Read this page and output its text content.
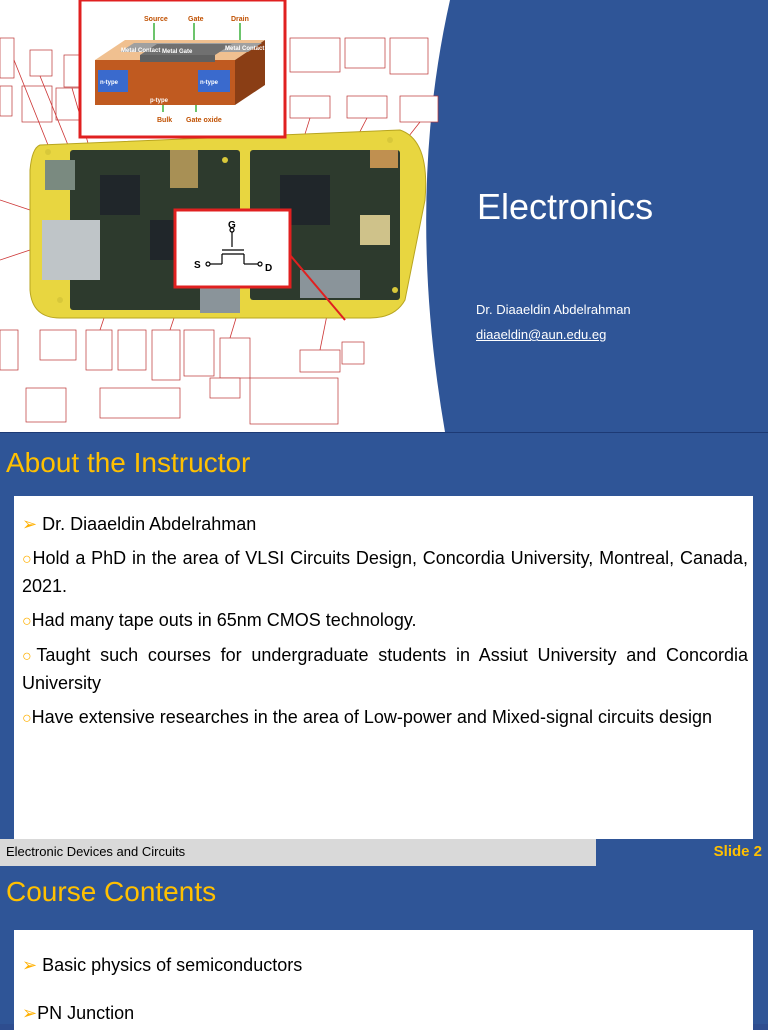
Source	Gate	Drain
Metal Contact Metal Gate	Metal Contact
n-type	n-type
p-type
Bulk Gate oxide
G
S	D
Electronics
Dr. Diaaeldin Abdelrahman
diaaeldin@aun.edu.eg
About the Instructor
➢ Dr. Diaaeldin Abdelrahman
○Hold a PhD in the area of VLSI Circuits Design, Concordia University, Montreal, Canada, 2021.
○Had many tape outs in 65nm CMOS technology.
○Taught such courses for undergraduate students in Assiut University and Concordia University
○Have extensive researches in the area of Low-power and Mixed-signal circuits design
Electronic Devices and Circuits	Slide 2
Course Contents
➢ Basic physics of semiconductors
➢PN Junction
